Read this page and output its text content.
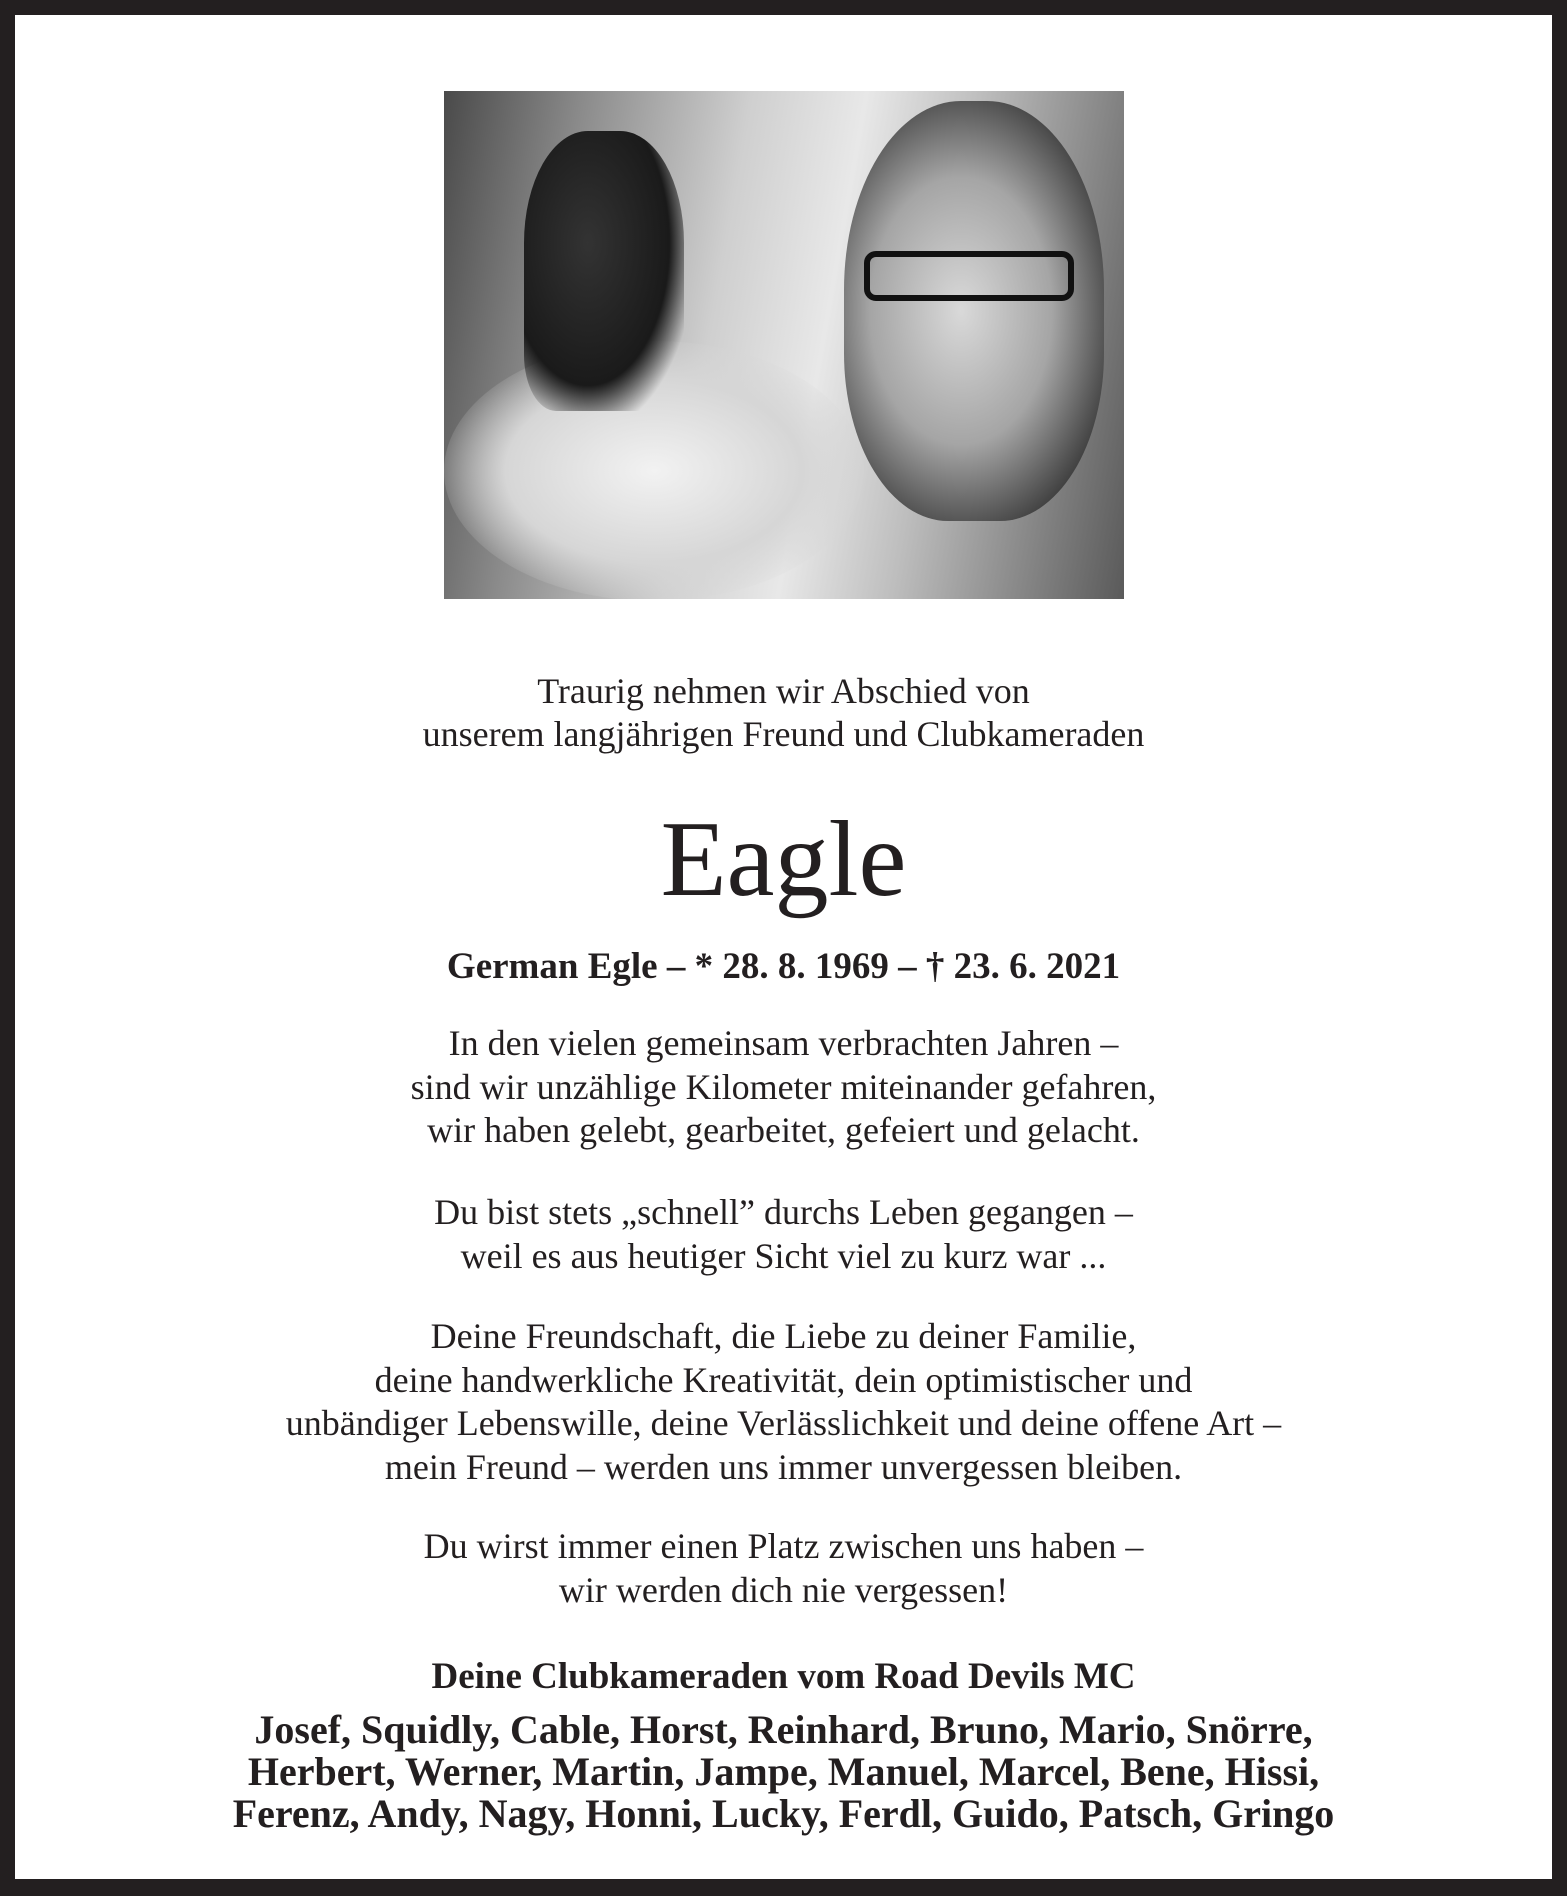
Traurig nehmen wir Abschied von
unserem langjährigen Freund und Clubkameraden
Eagle
German Egle – * 28. 8. 1969 – † 23. 6. 2021
In den vielen gemeinsam verbrachten Jahren –
sind wir unzählige Kilometer miteinander gefahren,
wir haben gelebt, gearbeitet, gefeiert und gelacht.
Du bist stets „schnell” durchs Leben gegangen –
weil es aus heutiger Sicht viel zu kurz war ...
Deine Freundschaft, die Liebe zu deiner Familie,
deine handwerkliche Kreativität, dein optimistischer und
unbändiger Lebenswille, deine Verlässlichkeit und deine offene Art –
mein Freund – werden uns immer unvergessen bleiben.
Du wirst immer einen Platz zwischen uns haben –
wir werden dich nie vergessen!
Deine Clubkameraden vom Road Devils MC
Josef, Squidly, Cable, Horst, Reinhard, Bruno, Mario, Snörre,
Herbert, Werner, Martin, Jampe, Manuel, Marcel, Bene, Hissi,
Ferenz, Andy, Nagy, Honni, Lucky, Ferdl, Guido, Patsch, Gringo
